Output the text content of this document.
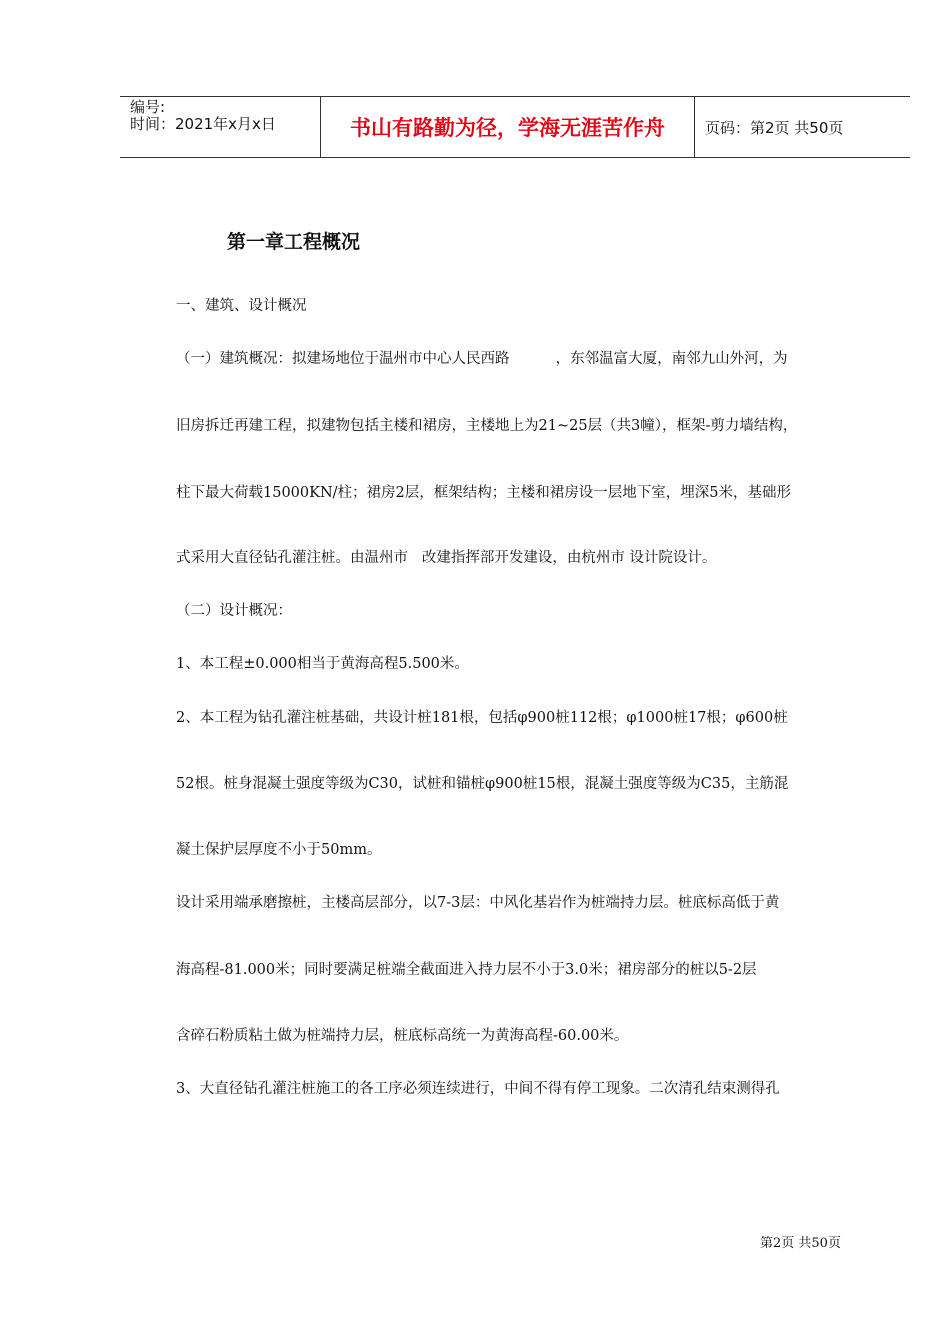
编号:
时间：2021年x月x日	书山有路勤为径，学海无涯苦作舟	页码：第2页 共50页
第一章工程概况
一、建筑、设计概况
（一）建筑概况：拟建场地位于温州市中心人民西路          ，东邻温富大厦，南邻九山外河，为
旧房拆迁再建工程，拟建物包括主楼和裙房，主楼地上为21~25层（共3幢），框架-剪力墙结构，
柱下最大荷载15000KN/柱；裙房2层，框架结构；主楼和裙房设一层地下室，埋深5米，基础形
式采用大直径钻孔灌注桩。由温州市   改建指挥部开发建设，由杭州市 设计院设计。
（二）设计概况：
1、本工程±0.000相当于黄海高程5.500米。
2、本工程为钻孔灌注桩基础，共设计桩181根，包括φ900桩112根；φ1000桩17根；φ600桩
52根。桩身混凝土强度等级为C30，试桩和锚桩φ900桩15根，混凝土强度等级为C35，主筋混
凝土保护层厚度不小于50mm。
设计采用端承磨擦桩，主楼高层部分，以7-3层：中风化基岩作为桩端持力层。桩底标高低于黄
海高程-81.000米；同时要满足桩端全截面进入持力层不小于3.0米；裙房部分的桩以5-2层
含碎石粉质粘土做为桩端持力层，桩底标高统一为黄海高程-60.00米。
3、大直径钻孔灌注桩施工的各工序必须连续进行，中间不得有停工现象。二次清孔结束测得孔
第2页 共50页
